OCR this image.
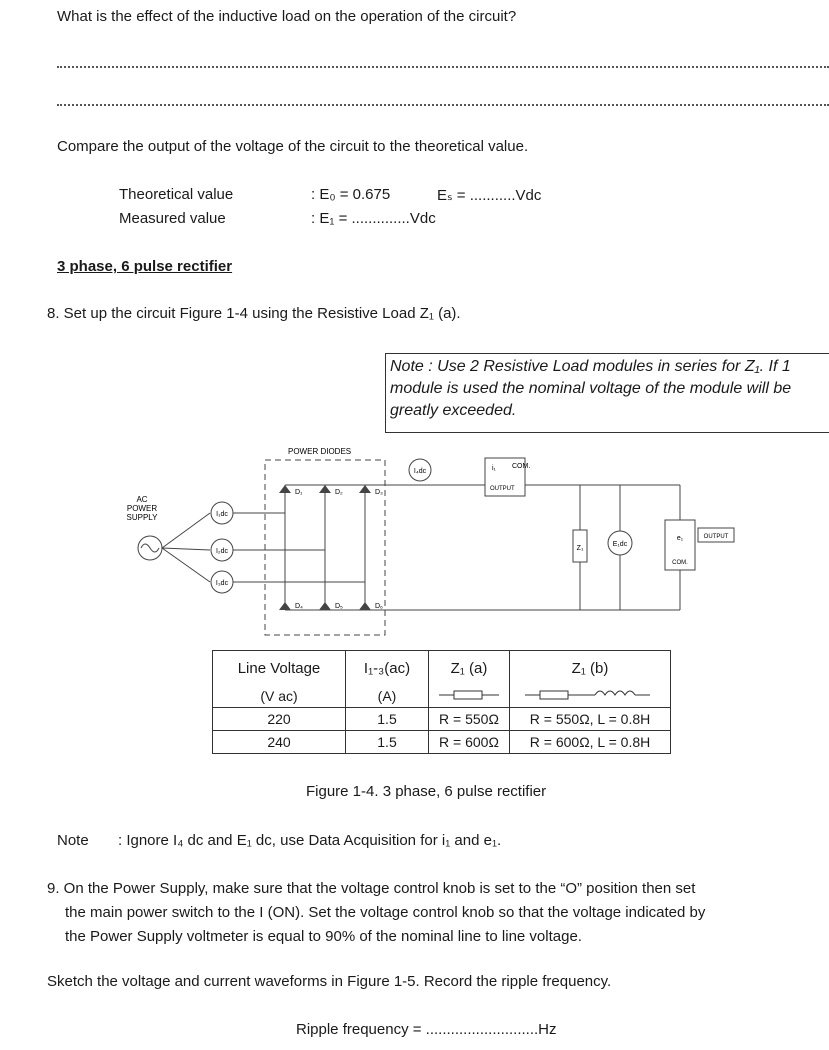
What is the effect of the inductive load on the operation of the circuit?
Compare the output of the voltage of the circuit to the theoretical value.
Theoretical value	: E₀ = 0.675	Eₛ = ...........Vdc
Measured value	: E₁ = ..............Vdc
3 phase, 6 pulse rectifier
8. Set up the circuit Figure 1-4 using the Resistive Load Z₁ (a).
Note : Use 2 Resistive Load modules in series for Z₁. If 1 module is used the nominal voltage of the module will be greatly exceeded.
POWER DIODES
AC
POWER
SUPPLY	I₁dc
I₂dc
I₃dc
D₁	D₂	D₃
D₄	D₅	D₆
I₄dc	i₁ COM.
OUTPUT
Z₁
E₁dc
e₁
COM.
OUTPUT
Line Voltage	I₁-₃(ac)	Z₁ (a)	Z₁ (b)
(V ac)	(A)		
220	1.5	R = 550Ω	R = 550Ω, L = 0.8H
240	1.5	R = 600Ω	R = 600Ω, L = 0.8H
Figure 1-4. 3 phase, 6 pulse rectifier
Note : Ignore I₄ dc and E₁ dc, use Data Acquisition for i₁ and e₁.
9. On the Power Supply, make sure that the voltage control knob is set to the “O” position then set
the main power switch to the I (ON). Set the voltage control knob so that the voltage indicated by
the Power Supply voltmeter is equal to 90% of the nominal line to line voltage.
Sketch the voltage and current waveforms in Figure 1-5. Record the ripple frequency.
Ripple frequency = ...........................Hz
